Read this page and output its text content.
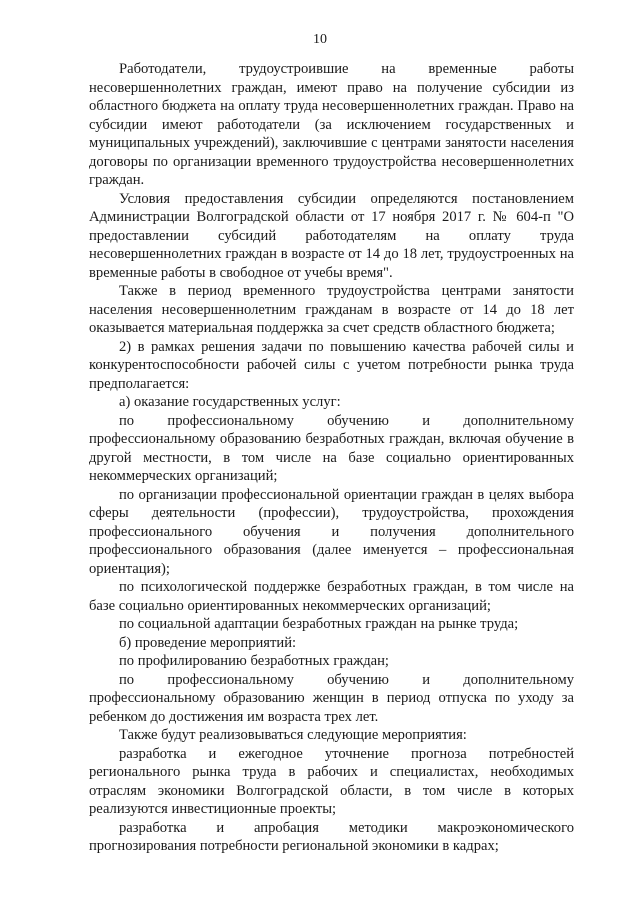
10

Работодатели, трудоустроившие на временные работы несовершеннолетних граждан, имеют право на получение субсидии из областного бюджета на оплату труда несовершеннолетних граждан. Право на субсидии имеют работодатели (за исключением государственных и муниципальных учреждений), заключившие с центрами занятости населения договоры по организации временного трудоустройства несовершеннолетних граждан.

Условия предоставления субсидии определяются постановлением Администрации Волгоградской области от 17 ноября 2017 г. № 604-п "О предоставлении субсидий работодателям на оплату труда несовершеннолетних граждан в возрасте от 14 до 18 лет, трудоустроенных на временные работы в свободное от учебы время".

Также в период временного трудоустройства центрами занятости населения несовершеннолетним гражданам в возрасте от 14 до 18 лет оказывается материальная поддержка за счет средств областного бюджета;

2) в рамках решения задачи по повышению качества рабочей силы и конкурентоспособности рабочей силы с учетом потребности рынка труда предполагается:

а) оказание государственных услуг:

по профессиональному обучению и дополнительному профессиональному образованию безработных граждан, включая обучение в другой местности, в том числе на базе социально ориентированных некоммерческих организаций;

по организации профессиональной ориентации граждан в целях выбора сферы деятельности (профессии), трудоустройства, прохождения профессионального обучения и получения дополнительного профессионального образования (далее именуется – профессиональная ориентация);

по психологической поддержке безработных граждан, в том числе на базе социально ориентированных некоммерческих организаций;

по социальной адаптации безработных граждан на рынке труда;

б) проведение мероприятий:

по профилированию безработных граждан;

по профессиональному обучению и дополнительному профессиональному образованию женщин в период отпуска по уходу за ребенком до достижения им возраста трех лет.

Также будут реализовываться следующие мероприятия:

разработка и ежегодное уточнение прогноза потребностей регионального рынка труда в рабочих и специалистах, необходимых отраслям экономики Волгоградской области, в том числе в которых реализуются инвестиционные проекты;

разработка и апробация методики макроэкономического прогнозирования потребности региональной экономики в кадрах;
